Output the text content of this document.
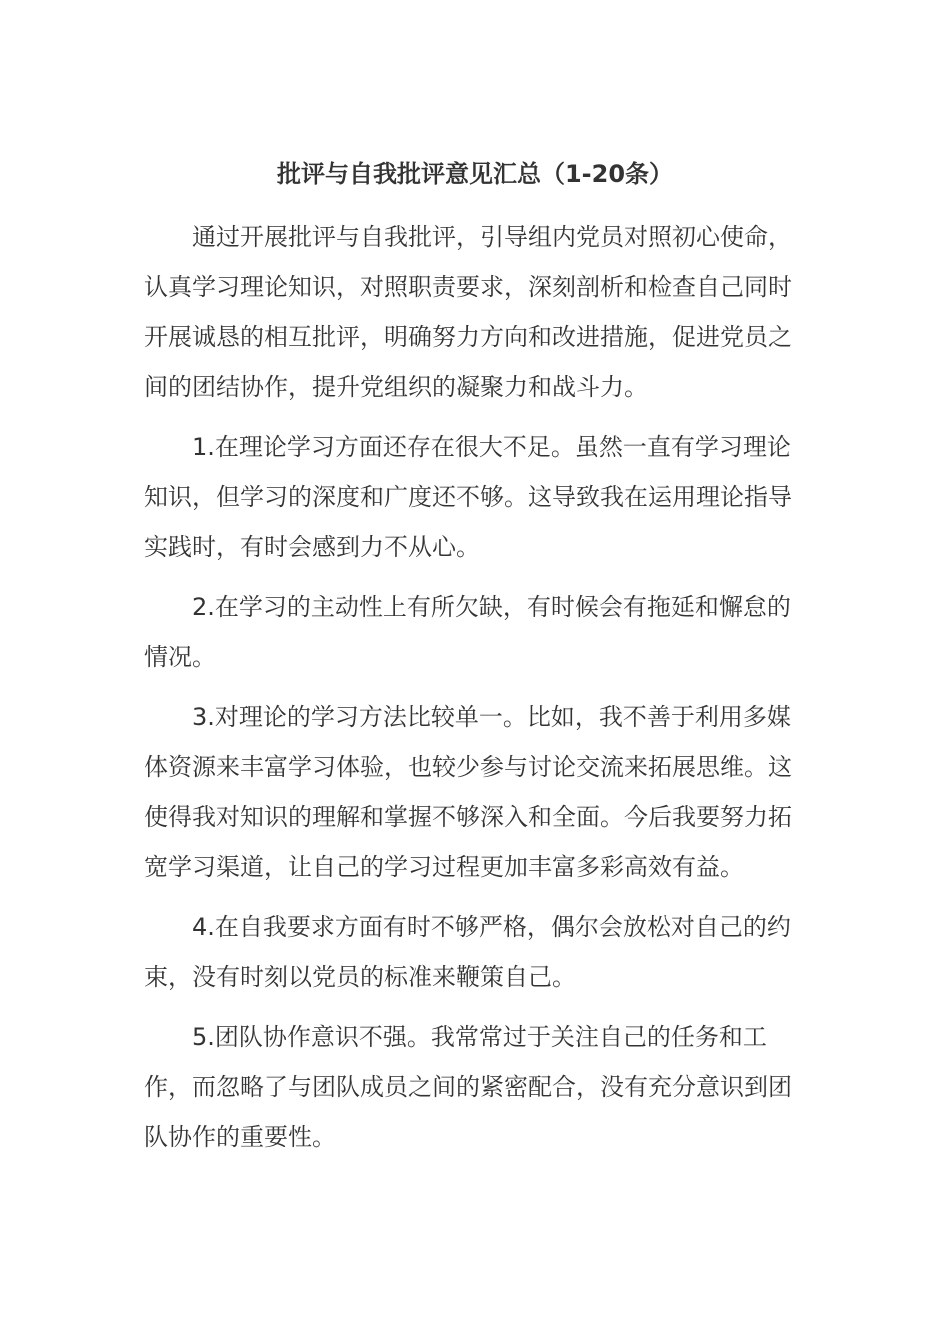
批评与自我批评意见汇总（1-20条）

通过开展批评与自我批评，引导组内党员对照初心使命，认真学习理论知识，对照职责要求，深刻剖析和检查自己同时开展诚恳的相互批评，明确努力方向和改进措施，促进党员之间的团结协作，提升党组织的凝聚力和战斗力。

1.在理论学习方面还存在很大不足。虽然一直有学习理论知识，但学习的深度和广度还不够。这导致我在运用理论指导实践时，有时会感到力不从心。

2.在学习的主动性上有所欠缺，有时候会有拖延和懈怠的情况。

3.对理论的学习方法比较单一。比如，我不善于利用多媒体资源来丰富学习体验，也较少参与讨论交流来拓展思维。这使得我对知识的理解和掌握不够深入和全面。今后我要努力拓宽学习渠道，让自己的学习过程更加丰富多彩高效有益。

4.在自我要求方面有时不够严格，偶尔会放松对自己的约束，没有时刻以党员的标准来鞭策自己。

5.团队协作意识不强。我常常过于关注自己的任务和工作，而忽略了与团队成员之间的紧密配合，没有充分意识到团队协作的重要性。
